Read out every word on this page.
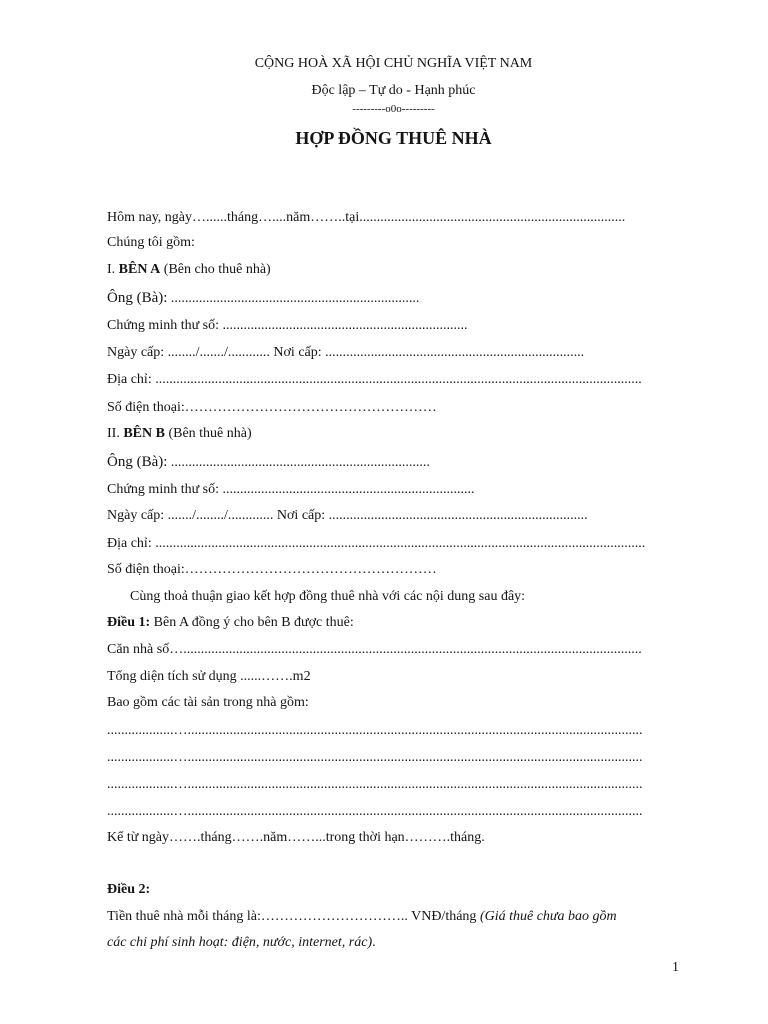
CỘNG HOÀ XÃ HỘI CHỦ NGHĨA VIỆT NAM
Độc lập – Tự do - Hạnh phúc
---------o0o---------
HỢP ĐỒNG THUÊ NHÀ
Hôm nay, ngày…......tháng…....năm……..tại............................................................................
Chúng tôi gồm:
I. BÊN A (Bên cho thuê nhà)
Ông (Bà): .......................................................................
Chứng minh thư số: ......................................................................
Ngày cấp: ......../......./............ Nơi cấp: ..........................................................................
Địa chỉ: ...........................................................................................................................................
Số điện thoại:………………………………………………
II. BÊN B (Bên thuê nhà)
Ông (Bà): ..........................................................................
Chứng minh thư số: ........................................................................
Ngày cấp: ......./......../............. Nơi cấp: ..........................................................................
Địa chỉ: ............................................................................................................................................
Số điện thoại:………………………………………………
Cùng thoả thuận giao kết hợp đồng thuê nhà với các nội dung sau đây:
Điều 1: Bên A đồng ý cho bên B được thuê:
Căn nhà số…...................................................................................................................................
Tổng diện tích sử dụng ......…….m2
Bao gồm các tài sản trong nhà gồm:
...................…..................................................................................................................................
...................…..................................................................................................................................
...................…..................................................................................................................................
...................…..................................................................................................................................
Kể từ ngày…….tháng…….năm……...trong thời hạn……….tháng.
Điều 2:
Tiền thuê nhà mỗi tháng là:………………………….. VNĐ/tháng (Giá thuê chưa bao gồm
các chi phí sinh hoạt: điện, nước, internet, rác).
1
